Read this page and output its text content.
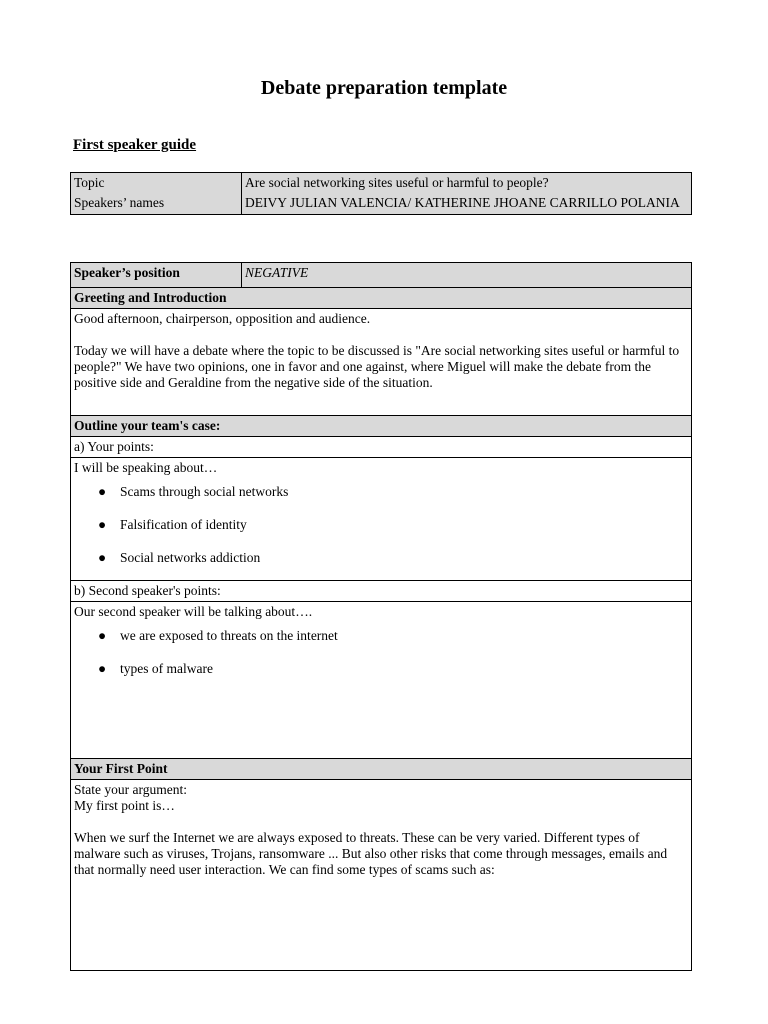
Debate preparation template
First speaker guide
Topic	Are social networking sites useful or harmful to people?
Speakers’ names	DEIVY JULIAN VALENCIA/ KATHERINE JHOANE CARRILLO POLANIA
Speaker’s position	NEGATIVE
Greeting and Introduction

Good afternoon, chairperson, opposition and audience.

Today we will have a debate where the topic to be discussed is "Are social networking sites useful or harmful to people?" We have two opinions, one in favor and one against, where Miguel will make the debate from the positive side and Geraldine from the negative side of the situation.

Outline your team's case:
a) Your points:

I will be speaking about…

● Scams through social networks
● Falsification of identity
● Social networks addiction

b) Second speaker's points:

Our second speaker will be talking about….

● we are exposed to threats on the internet
● types of malware

Your First Point

State your argument:

My first point is…

When we surf the Internet we are always exposed to threats. These can be very varied. Different types of malware such as viruses, Trojans, ransomware ... But also other risks that come through messages, emails and that normally need user interaction. We can find some types of scams such as:
